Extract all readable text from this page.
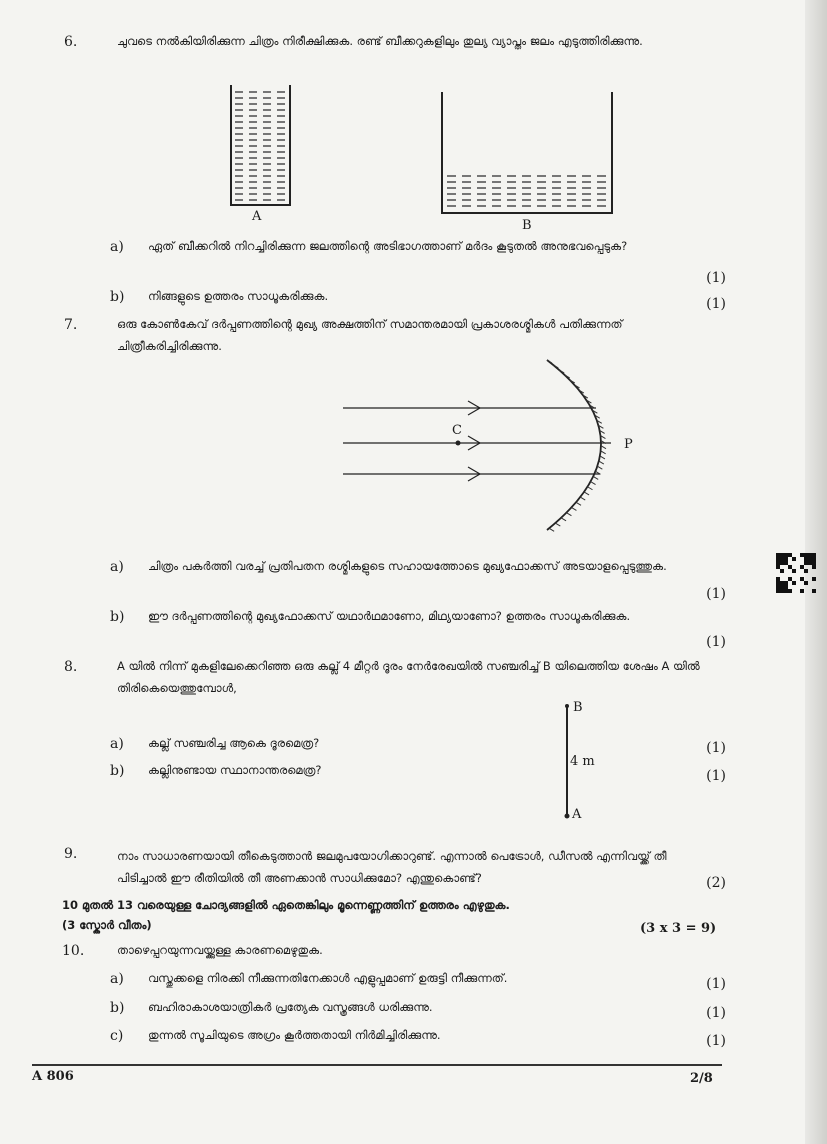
6.	ചുവടെ നൽകിയിരിക്കുന്ന ചിത്രം നിരീക്ഷിക്കുക. രണ്ട് ബീക്കറുകളിലും തുല്യ വ്യാപ്തം ജലം എടുത്തിരിക്കുന്നു.
A
B
a) ഏത് ബീക്കറിൽ നിറച്ചിരിക്കുന്ന ജലത്തിന്റെ അടിഭാഗത്താണ് മർദം കൂടുതൽ അനുഭവപ്പെടുക?
(1)
b) നിങ്ങളുടെ ഉത്തരം സാധൂകരിക്കുക.	(1)
7.	ഒരു കോൺകേവ് ദർപ്പണത്തിന്റെ മുഖ്യ അക്ഷത്തിന് സമാന്തരമായി പ്രകാശരശ്മികൾ പതിക്കുന്നത് ചിത്രീകരിച്ചിരിക്കുന്നു.
C
P
a) ചിത്രം പകർത്തി വരച്ച് പ്രതിപതന രശ്മികളുടെ സഹായത്തോടെ മുഖ്യഫോക്കസ് അടയാളപ്പെടുത്തുക.
(1)
b) ഈ ദർപ്പണത്തിന്റെ മുഖ്യഫോക്കസ് യഥാർഥമാണോ, മിഥ്യയാണോ? ഉത്തരം സാധൂകരിക്കുക.
(1)
8.	A യിൽ നിന്ന് മുകളിലേക്കെറിഞ്ഞ ഒരു കല്ല് 4 മീറ്റർ ദൂരം നേർരേഖയിൽ സഞ്ചരിച്ച് B യിലെത്തിയ ശേഷം A യിൽ തിരികെയെത്തുമ്പോൾ,
B
4 m
A
a) കല്ല് സഞ്ചരിച്ച ആകെ ദൂരമെത്ര?	(1)
b) കല്ലിനുണ്ടായ സ്ഥാനാന്തരമെത്ര?	(1)
9.	നാം സാധാരണയായി തീകെടുത്താൻ ജലമുപയോഗിക്കാറുണ്ട്. എന്നാൽ പെട്രോൾ, ഡീസൽ എന്നിവയ്ക്ക് തീ പിടിച്ചാൽ ഈ രീതിയിൽ തീ അണക്കാൻ സാധിക്കുമോ? എന്തുകൊണ്ട്?	(2)
10 മുതൽ 13 വരെയുള്ള ചോദ്യങ്ങളിൽ ഏതെങ്കിലും മൂന്നെണ്ണത്തിന് ഉത്തരം എഴുതുക.
(3 സ്കോർ വീതം)	(3 x 3 = 9)
10.	താഴെപ്പറയുന്നവയ്ക്കുള്ള കാരണമെഴുതുക.
a) വസ്തുക്കളെ നിരക്കി നീക്കുന്നതിനേക്കാൾ എളുപ്പമാണ് ഉരുട്ടി നീക്കുന്നത്.	(1)
b) ബഹിരാകാശയാത്രികർ പ്രത്യേക വസ്ത്രങ്ങൾ ധരിക്കുന്നു.	(1)
c) തുന്നൽ സൂചിയുടെ അഗ്രം കൂർത്തതായി നിർമിച്ചിരിക്കുന്നു.	(1)
A 806	2/8
